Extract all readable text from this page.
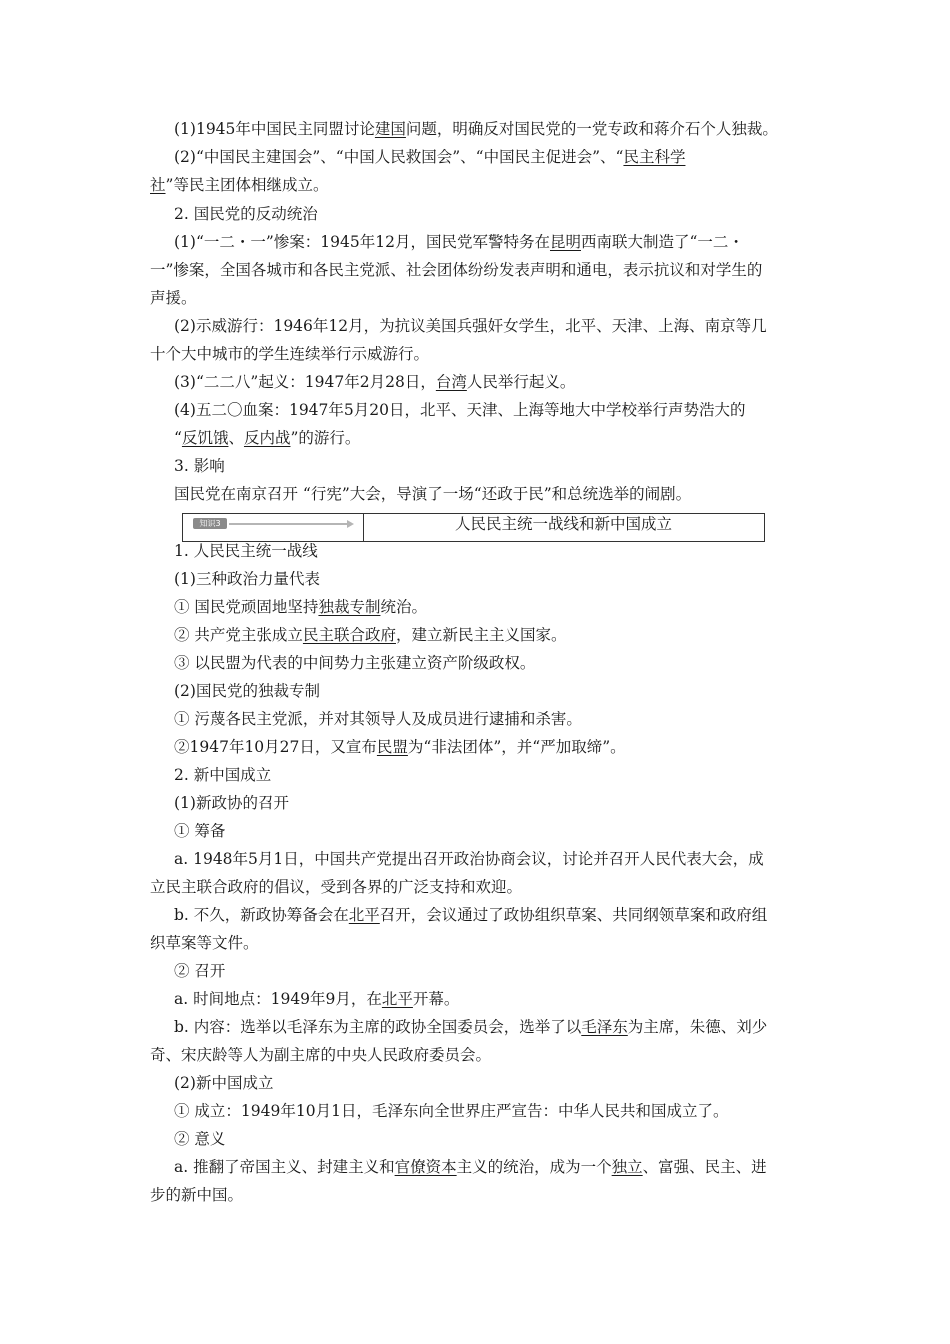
(1)1945年中国民主同盟讨论建国问题，明确反对国民党的一党专政和蒋介石个人独裁。
(2)“中国民主建国会”、“中国人民救国会”、“中国民主促进会”、“民主科学
社”等民主团体相继成立。
2. 国民党的反动统治
(1)“一二・一”惨案：1945年12月，国民党军警特务在昆明西南联大制造了“一二・
一”惨案，全国各城市和各民主党派、社会团体纷纷发表声明和通电，表示抗议和对学生的
声援。
(2)示威游行：1946年12月，为抗议美国兵强奸女学生，北平、天津、上海、南京等几
十个大中城市的学生连续举行示威游行。
(3)“二二八”起义：1947年2月28日，台湾人民举行起义。
(4)五二〇血案：1947年5月20日，北平、天津、上海等地大中学校举行声势浩大的
“反饥饿、反内战”的游行。
3. 影响
国民党在南京召开 “行宪”大会，导演了一场“还政于民”和总统选举的闹剧。
知识3	人民民主统一战线和新中国成立
1. 人民民主统一战线
(1)三种政治力量代表
① 国民党顽固地坚持独裁专制统治。
② 共产党主张成立民主联合政府，建立新民主主义国家。
③ 以民盟为代表的中间势力主张建立资产阶级政权。
(2)国民党的独裁专制
① 污蔑各民主党派，并对其领导人及成员进行逮捕和杀害。
②1947年10月27日，又宣布民盟为“非法团体”，并“严加取缔”。
2. 新中国成立
(1)新政协的召开
① 筹备
a. 1948年5月1日，中国共产党提出召开政治协商会议，讨论并召开人民代表大会，成
立民主联合政府的倡议，受到各界的广泛支持和欢迎。
b. 不久，新政协筹备会在北平召开，会议通过了政协组织草案、共同纲领草案和政府组
织草案等文件。
② 召开
a. 时间地点：1949年9月，在北平开幕。
b. 内容：选举以毛泽东为主席的政协全国委员会，选举了以毛泽东为主席，朱德、刘少
奇、宋庆龄等人为副主席的中央人民政府委员会。
(2)新中国成立
① 成立：1949年10月1日，毛泽东向全世界庄严宣告：中华人民共和国成立了。
② 意义
a. 推翻了帝国主义、封建主义和官僚资本主义的统治，成为一个独立、富强、民主、进
步的新中国。
